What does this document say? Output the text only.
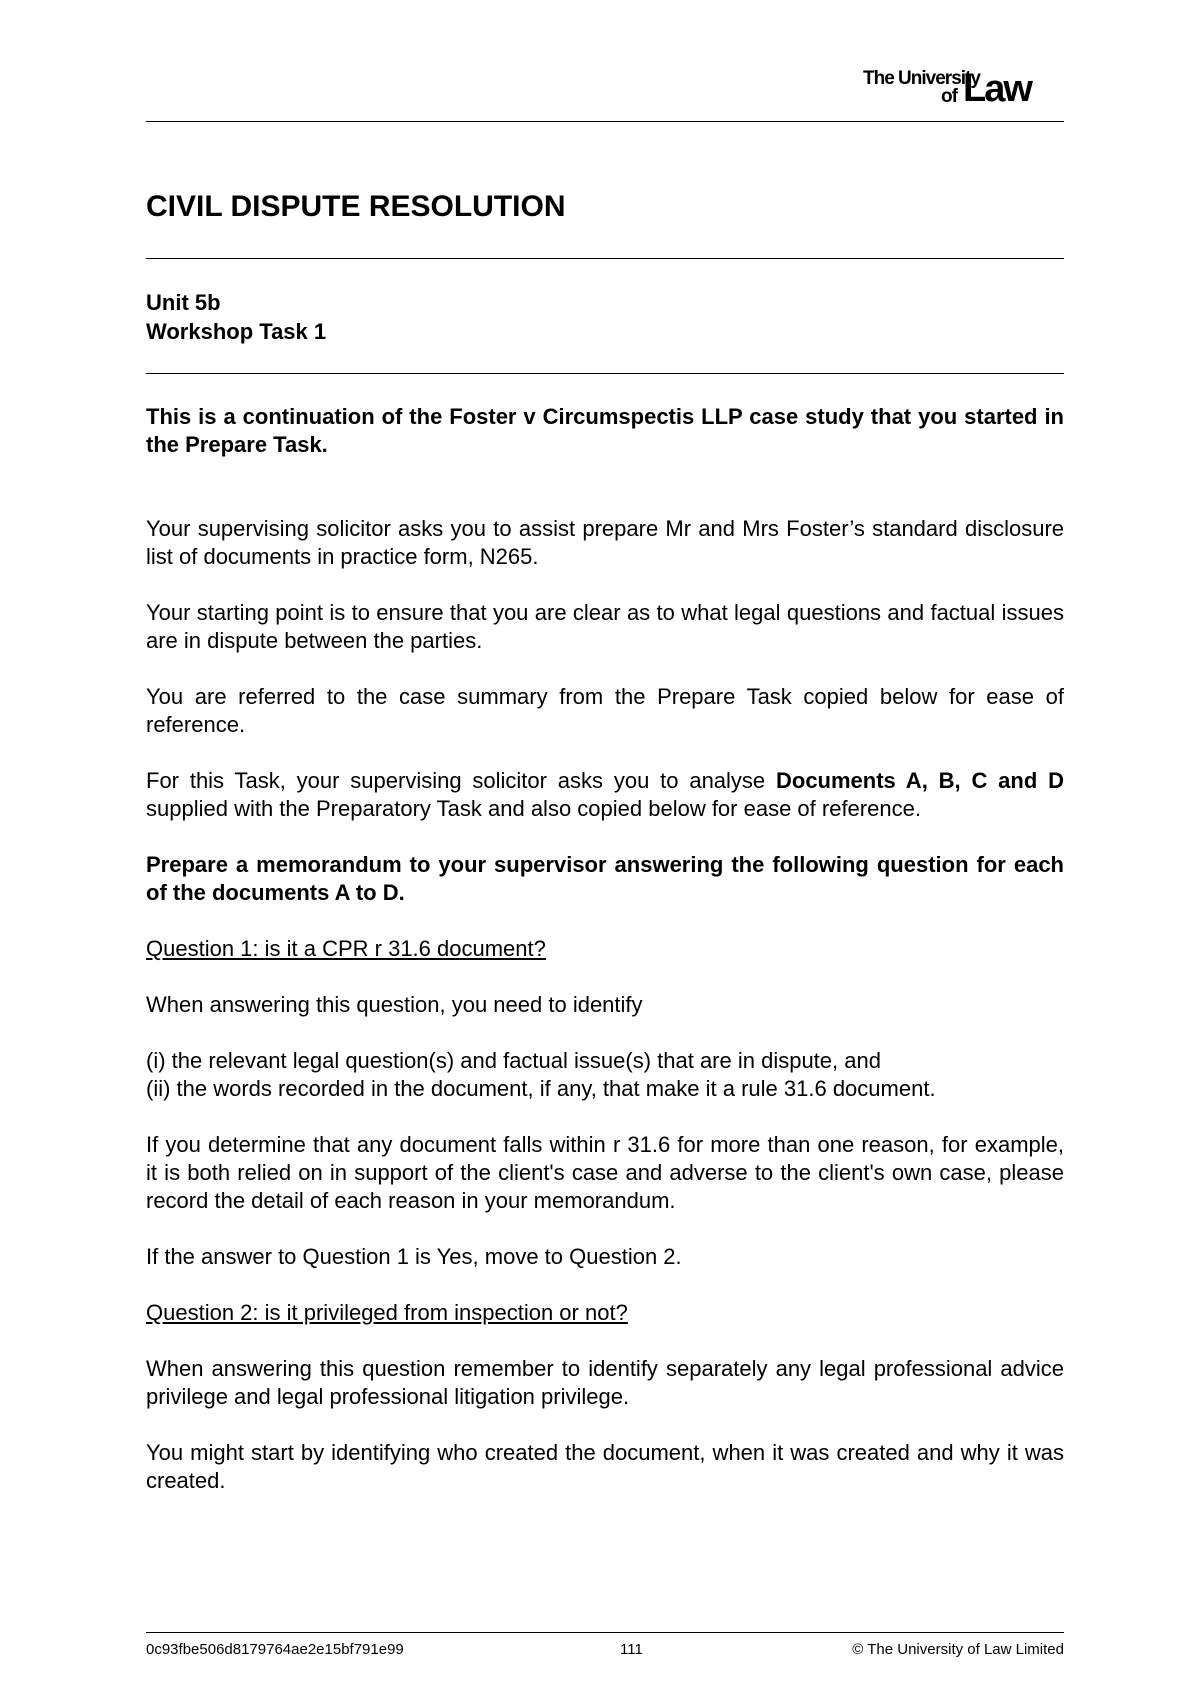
The University
of Law
CIVIL DISPUTE RESOLUTION
Unit 5b
Workshop Task 1

This is a continuation of the Foster v Circumspectis LLP case study that you started in the Prepare Task.

Your supervising solicitor asks you to assist prepare Mr and Mrs Foster’s standard disclosure list of documents in practice form, N265.

Your starting point is to ensure that you are clear as to what legal questions and factual issues are in dispute between the parties.

You are referred to the case summary from the Prepare Task copied below for ease of reference.

For this Task, your supervising solicitor asks you to analyse Documents A, B, C and D supplied with the Preparatory Task and also copied below for ease of reference.

Prepare a memorandum to your supervisor answering the following question for each of the documents A to D.

Question 1: is it a CPR r 31.6 document?

When answering this question, you need to identify

(i) the relevant legal question(s) and factual issue(s) that are in dispute, and

(ii) the words recorded in the document, if any, that make it a rule 31.6 document.

If you determine that any document falls within r 31.6 for more than one reason, for example, it is both relied on in support of the client's case and adverse to the client's own case, please record the detail of each reason in your memorandum.

If the answer to Question 1 is Yes, move to Question 2.

Question 2: is it privileged from inspection or not?

When answering this question remember to identify separately any legal professional advice privilege and legal professional litigation privilege.

You might start by identifying who created the document, when it was created and why it was created.

0c93fbe506d8179764ae2e15bf791e99	111	© The University of Law Limited
